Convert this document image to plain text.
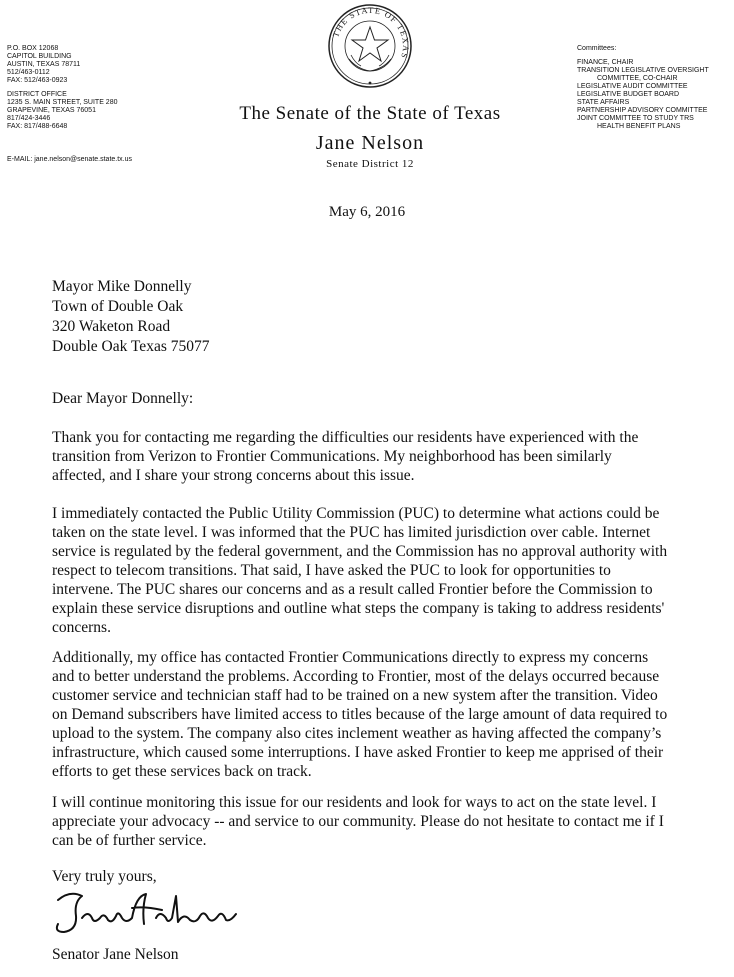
P.O. BOX 12068
CAPITOL BUILDING
AUSTIN, TEXAS 78711
512/463-0112
FAX: 512/463-0923
DISTRICT OFFICE
1235 S. MAIN STREET, SUITE 280
GRAPEVINE, TEXAS 76051
817/424-3446
FAX: 817/488-6648
E-MAIL: jane.nelson@senate.state.tx.us
THE STATE OF TEXAS
The Senate of the State of Texas
Jane Nelson
Senate District 12
Committees:
FINANCE, CHAIR
TRANSITION LEGISLATIVE OVERSIGHT
COMMITTEE, CO-CHAIR
LEGISLATIVE AUDIT COMMITTEE
LEGISLATIVE BUDGET BOARD
STATE AFFAIRS
PARTNERSHIP ADVISORY COMMITTEE
JOINT COMMITTEE TO STUDY TRS
HEALTH BENEFIT PLANS
May 6, 2016
Mayor Mike Donnelly
Town of Double Oak
320 Waketon Road
Double Oak Texas 75077
Dear Mayor Donnelly:
Thank you for contacting me regarding the difficulties our residents have experienced with the
transition from Verizon to Frontier Communications. My neighborhood has been similarly
affected, and I share your strong concerns about this issue.
I immediately contacted the Public Utility Commission (PUC) to determine what actions could be
taken on the state level. I was informed that the PUC has limited jurisdiction over cable. Internet
service is regulated by the federal government, and the Commission has no approval authority with
respect to telecom transitions. That said, I have asked the PUC to look for opportunities to
intervene. The PUC shares our concerns and as a result called Frontier before the Commission to
explain these service disruptions and outline what steps the company is taking to address residents'
concerns.
Additionally, my office has contacted Frontier Communications directly to express my concerns
and to better understand the problems. According to Frontier, most of the delays occurred because
customer service and technician staff had to be trained on a new system after the transition. Video
on Demand subscribers have limited access to titles because of the large amount of data required to
upload to the system. The company also cites inclement weather as having affected the company’s
infrastructure, which caused some interruptions. I have asked Frontier to keep me apprised of their
efforts to get these services back on track.
I will continue monitoring this issue for our residents and look for ways to act on the state level. I
appreciate your advocacy -- and service to our community. Please do not hesitate to contact me if I
can be of further service.
Very truly yours,
Senator Jane Nelson
